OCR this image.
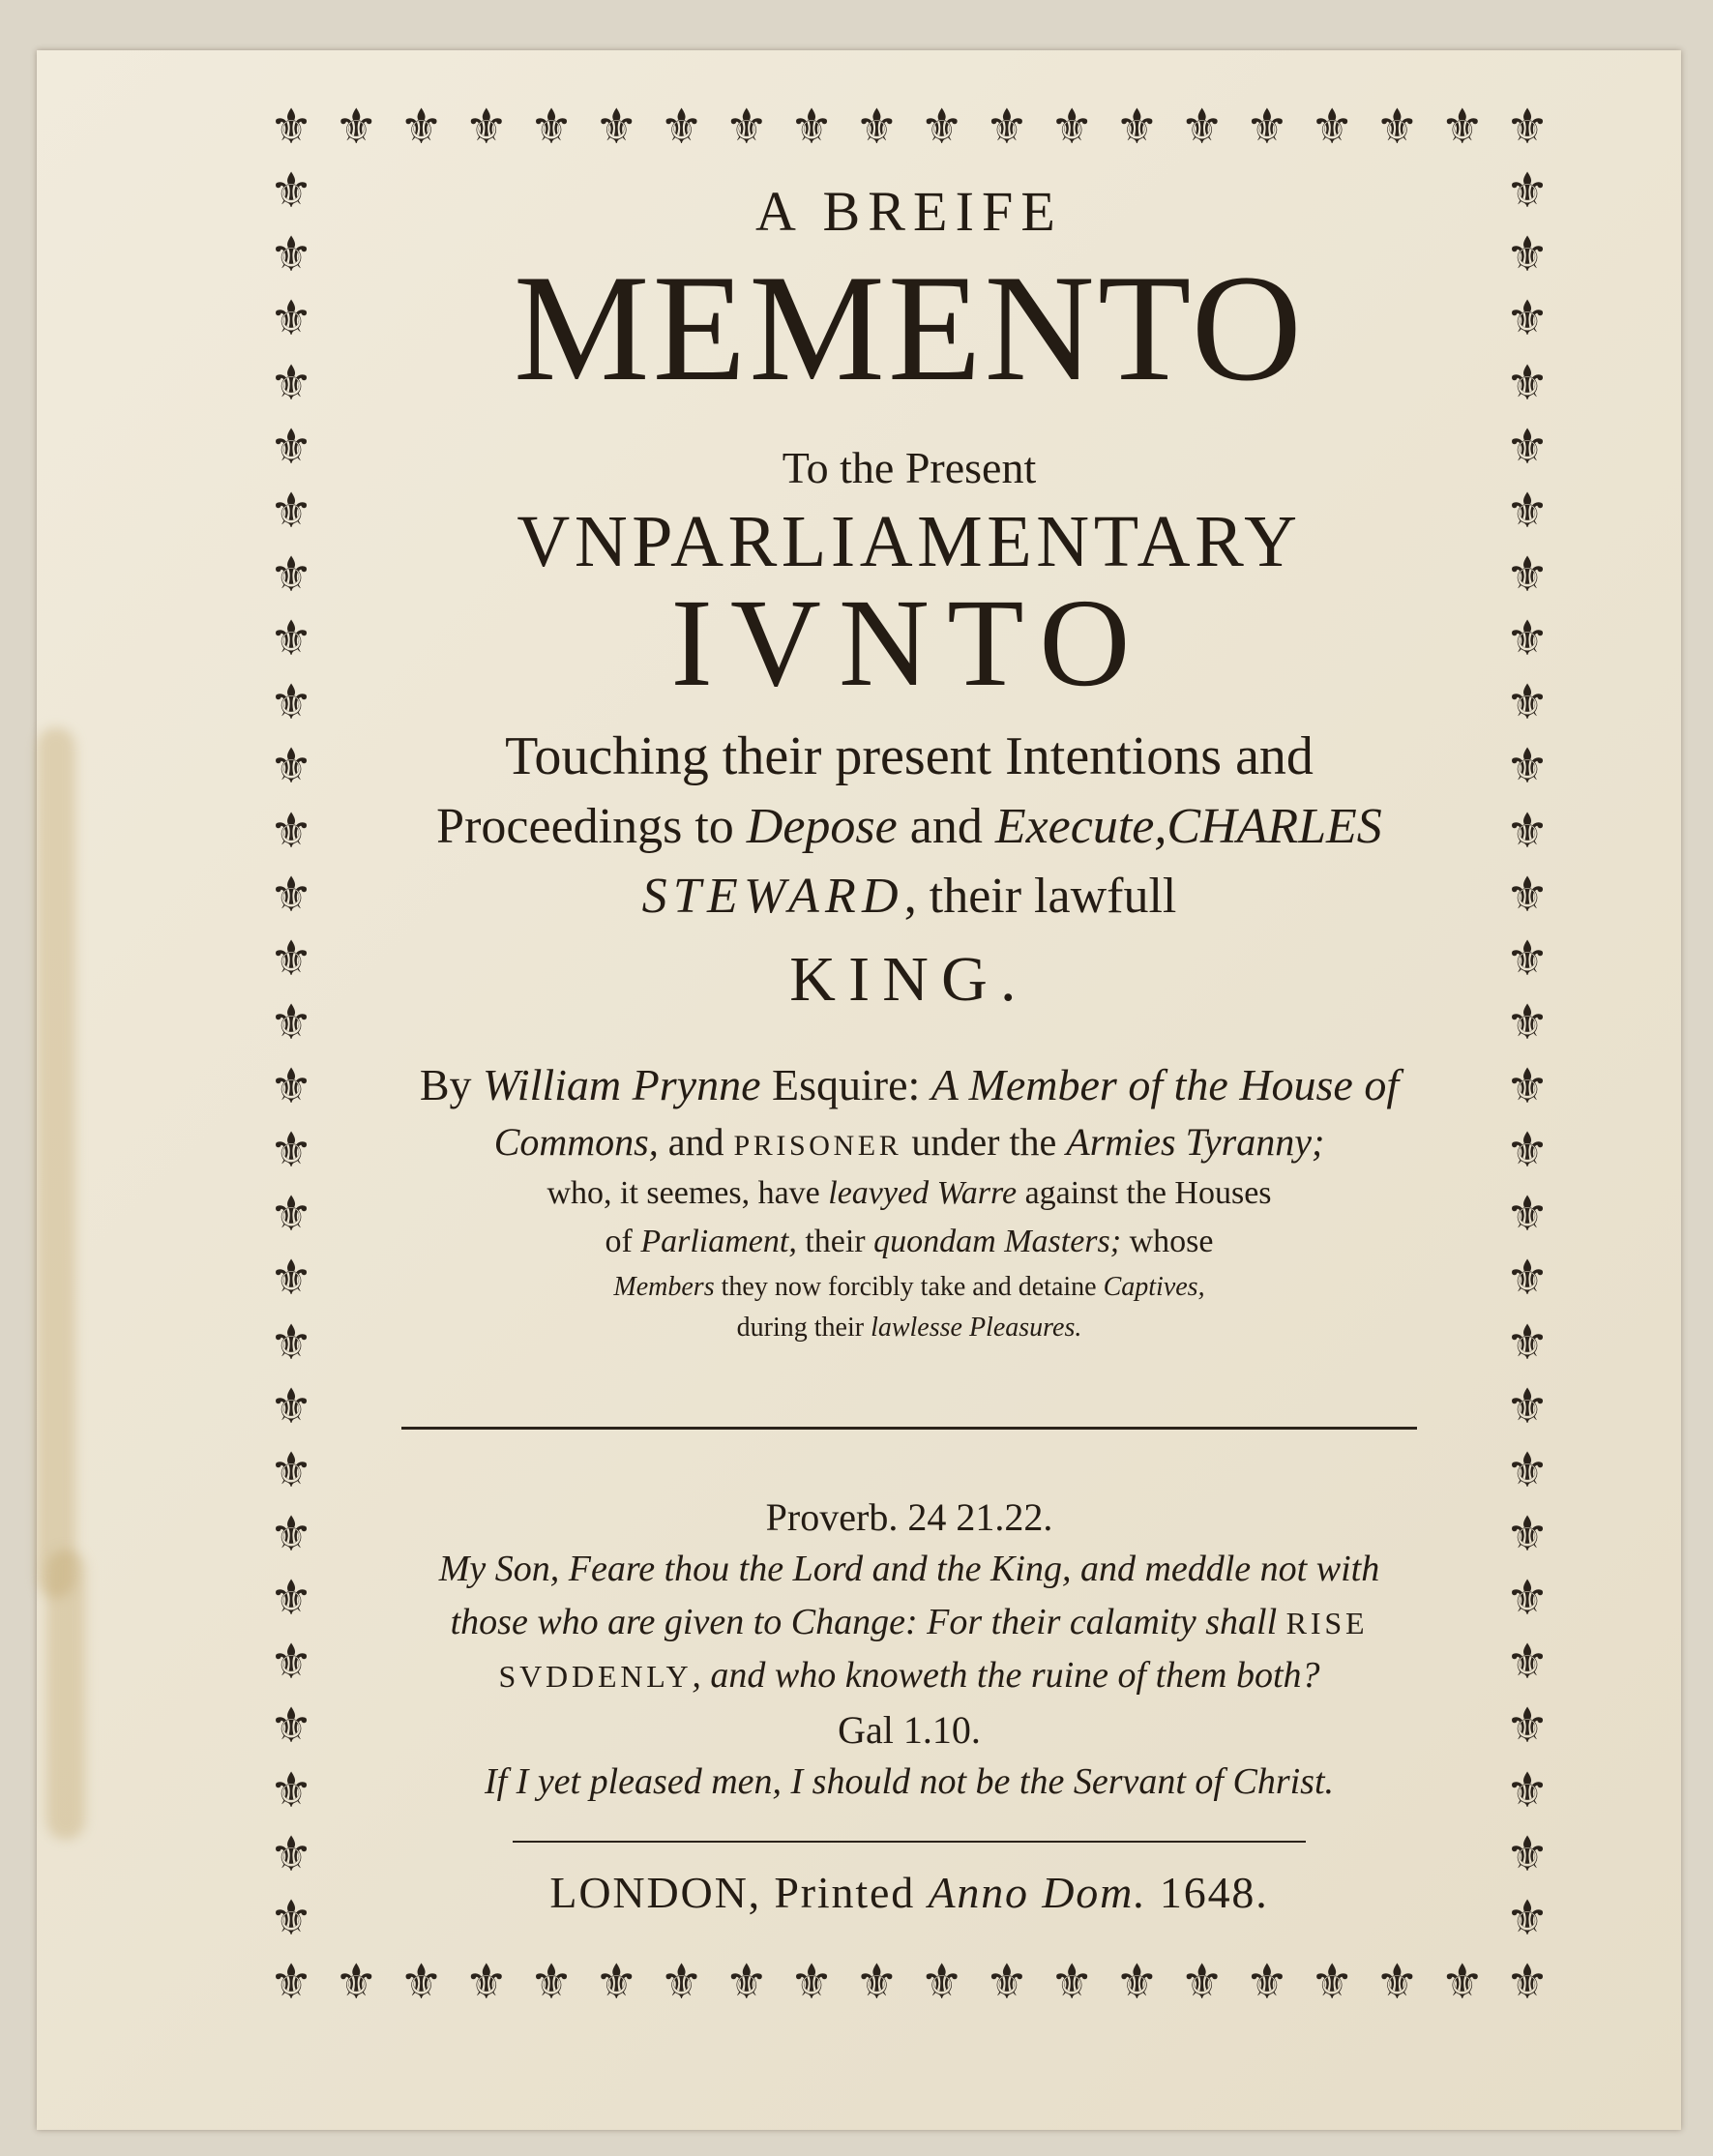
⚜
⚜
⚜
⚜
⚜
⚜
⚜
⚜
⚜
⚜
⚜
⚜
⚜
⚜
⚜
⚜
⚜
⚜
⚜
⚜
⚜
⚜
⚜
⚜
⚜
⚜
⚜
⚜
⚜
⚜
⚜
⚜
⚜
⚜
⚜
⚜
⚜
⚜
⚜
⚜
⚜	⚜
⚜	⚜
⚜	⚜
⚜	⚜
⚜	⚜
⚜	⚜
⚜	⚜
⚜	⚜
⚜	⚜
⚜	⚜
⚜	⚜
⚜	⚜
⚜	⚜
⚜	⚜
⚜	⚜
⚜	⚜
⚜	⚜
⚜	⚜
⚜	⚜
⚜	⚜
⚜	⚜
⚜	⚜
⚜	⚜
⚜	⚜
⚜	⚜
⚜	⚜
⚜	⚜
⚜	⚜
A BREIFE
MEMENTO
To the Present
VNPARLIAMENTARY
IVNTO
Touching their present Intentions and
Proceedings to Depose and Execute,CHARLES
STEWARD, their lawfull
KING.
By William Prynne Esquire: A Member of the House of
Commons, and PRISONER under the Armies Tyranny;
who, it seemes, have leavyed Warre against the Houses
of Parliament, their quondam Masters; whose
Members they now forcibly take and detaine Captives,
during their lawlesse Pleasures.
Proverb. 24 21.22.
My Son, Feare thou the Lord and the King, and meddle not with
those who are given to Change: For their calamity shall RISE
SVDDENLY, and who knoweth the ruine of them both?
Gal 1.10.
If I yet pleased men, I should not be the Servant of Christ.
LONDON, Printed Anno Dom. 1648.
